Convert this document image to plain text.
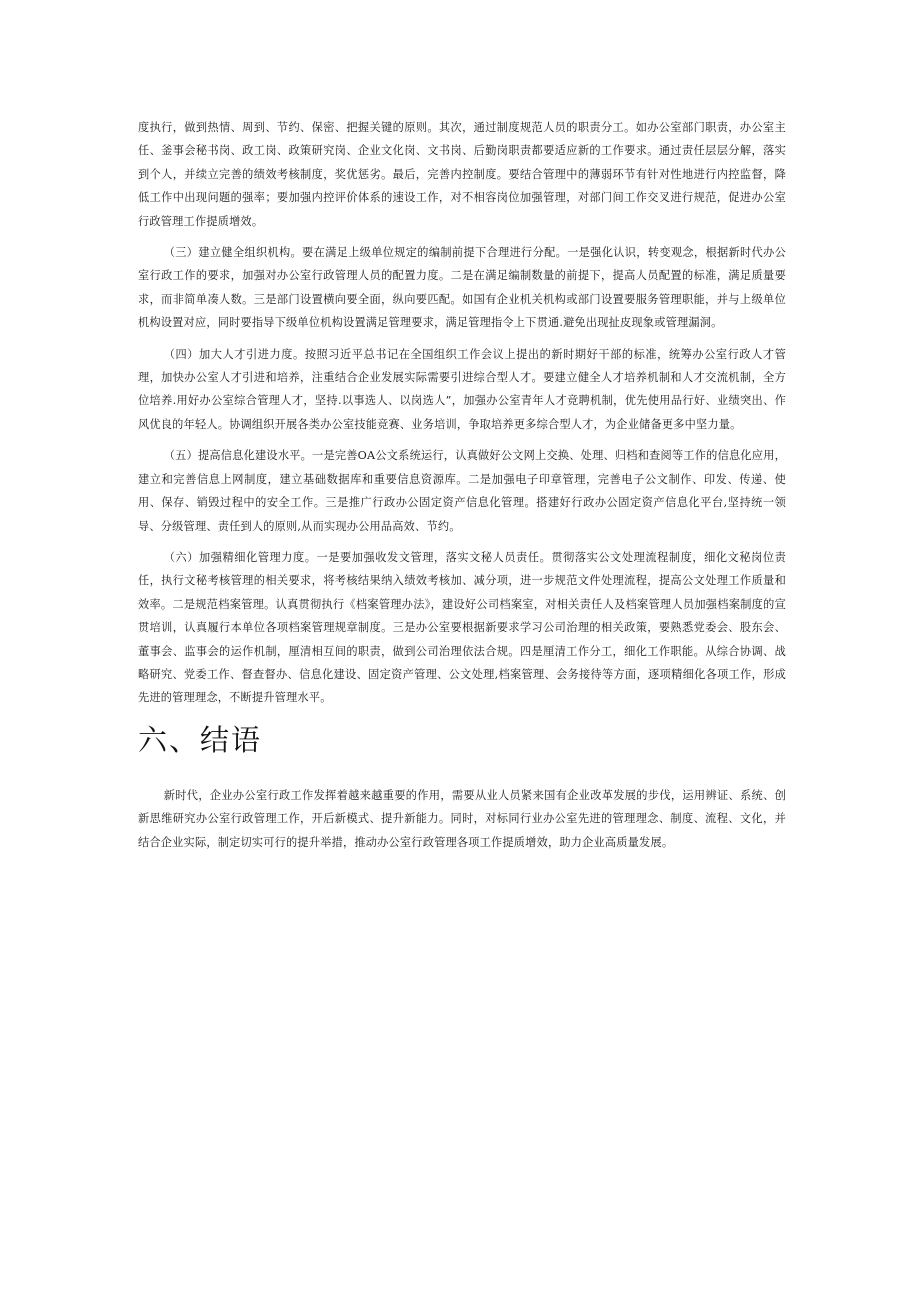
度执行，做到热情、周到、节约、保密、把握关键的原则。其次，通过制度规范人员的职责分工。如办公室部门职责，办公室主任、釜事会秘书岗、政工岗、政策研究岗、企业文化岗、文书岗、后勤岗职责都要适应新的工作要求。通过责任层层分解，落实到个人，并续立完善的绩效考核制度，奖优惩劣。最后，完善内控制度。要结合管理中的薄弱环节有针对性地进行内控监督，降低工作中出现问题的强率；要加强内控评价体系的速设工作，对不相容岗位加强管理，对部门间工作交叉进行规范，促进办公室行政管理工作提质增效。

（三）建立健全组织机构。要在满足上级单位规定的编制前提下合理进行分配。一是强化认识，转变观念，根据新时代办公室行政工作的要求，加强对办公室行政管理人员的配置力度。二是在满足编制数量的前提下，提高人员配置的标准，满足质量要求，而非简单凑人数。三是部门设置横向要全面，纵向要匹配。如国有企业机关机构或部门设置要服务管理职能，并与上级单位机构设置对应，同时要指导下级单位机构设置满足管理要求，满足管理指令上下贯通.避免出现扯皮现象或管理漏洞。

（四）加大人才引进力度。按照习近平总书记在全国组织工作会议上提出的新时期好干部的标准，统筹办公室行政人才管理，加快办公室人才引进和培养，注重结合企业发展实际需要引进综合型人才。要建立健全人才培养机制和人才交流机制，全方位培养.用好办公室综合管理人才，坚持.以事选人、以岗选人”，加强办公室青年人才竞聘机制，优先使用品行好、业绩突出、作风优良的年轻人。协调组织开展各类办公室技能竞赛、业务培训，争取培养更多综合型人才，为企业储备更多中坚力量。

（五）提高信息化建设水平。一是完善OA公文系统运行，认真做好公文网上交换、处理、归档和查阅等工作的信息化应用，建立和完善信息上网制度，建立基础数据库和重要信息资源库。二是加强电子印章管理，完善电子公文制作、印发、传递、使用、保存、销毁过程中的安全工作。三是推广行政办公固定资产信息化管理。搭建好行政办公固定资产信息化平台,坚持统一领导、分级管理、责任到人的原则,从而实现办公用品高效、节约。

（六）加强精细化管理力度。一是要加强收发文管理，落实文秘人员责任。贯彻落实公文处理流程制度，细化文秘岗位责任，执行文秘考核管理的相关要求，将考核结果纳入绩效考核加、减分项，进一步规范文件处理流程，提高公文处理工作质量和效率。二是规范档案管理。认真贯彻执行《档案管理办法》，建设好公司档案室，对相关责任人及档案管理人员加强档案制度的宣贯培训，认真履行本单位各项档案管理规章制度。三是办公室要根据新要求学习公司治理的相关政策，要熟悉党委会、股东会、董事会、监事会的运作机制，厘清相互间的职责，做到公司治理依法合规。四是厘清工作分工，细化工作职能。从综合协调、战略研究、党委工作、督查督办、信息化建设、固定资产管理、公文处理,档案管理、会务接待等方面，逐项精细化各项工作，形成先进的管理理念，不断提升管理水平。

六、结语

新时代，企业办公室行政工作发挥着越来越重要的作用，需要从业人员紧来国有企业改革发展的步伐，运用辨证、系统、创新思维研究办公室行政管理工作，开后新模式、提升新能力。同时，对标同行业办公室先进的管理理念、制度、流程、文化，并结合企业实际，制定切实可行的提升举措，推动办公室行政管理各项工作提质增效，助力企业高质量发展。
